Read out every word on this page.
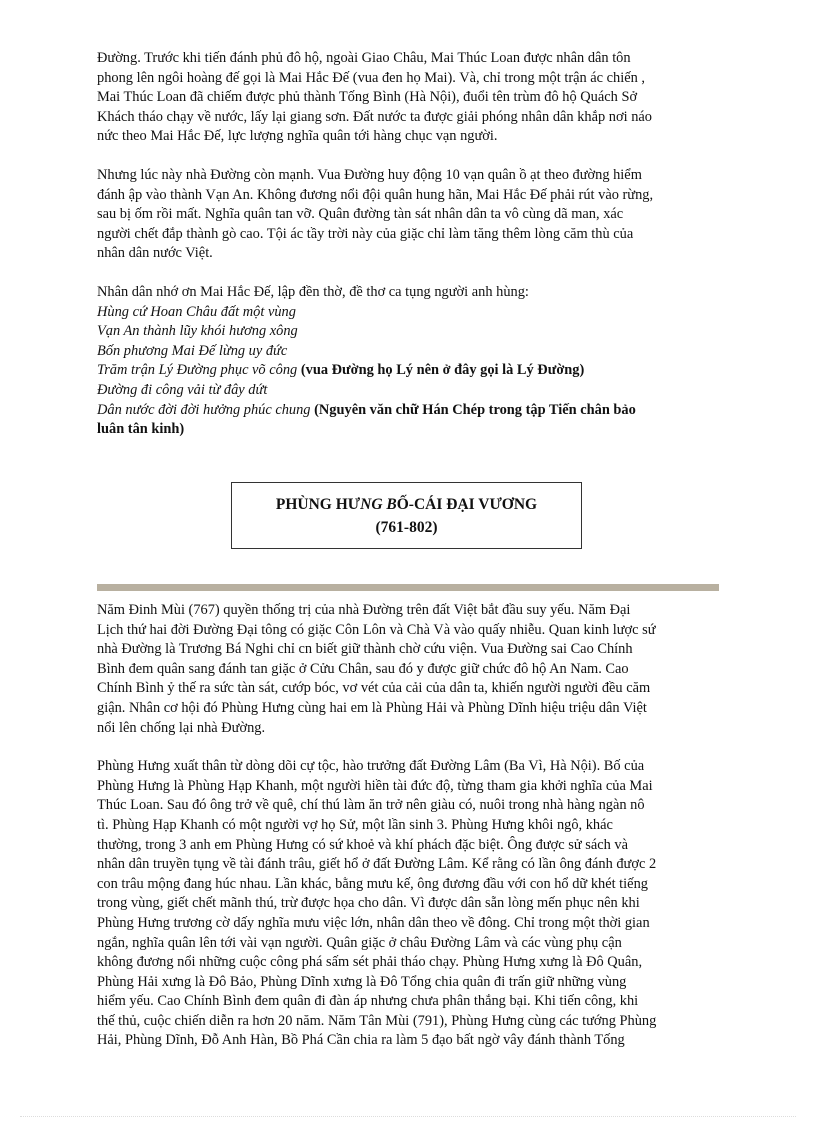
Đường. Trước khi tiến đánh phủ đô hộ, ngoài Giao Châu, Mai Thúc Loan được nhân dân tôn
phong lên ngôi hoàng đế gọi là Mai Hắc Đế (vua đen họ Mai). Và, chỉ trong một trận ác chiến ,
Mai Thúc Loan đã chiếm được phủ thành Tống Bình (Hà Nội), đuổi tên trùm đô hộ Quách Sở
Khách tháo chạy về nước, lấy lại giang sơn. Đất nước ta được giải phóng nhân dân khắp nơi náo
nức theo Mai Hắc Đế, lực lượng nghĩa quân tới hàng chục vạn người.

Nhưng lúc này nhà Đường còn mạnh. Vua Đường huy động 10 vạn quân ồ ạt theo đường hiểm
đánh ập vào thành Vạn An. Không đương nổi đội quân hung hãn, Mai Hắc Đế phải rút vào rừng,
sau bị ốm rồi mất. Nghĩa quân tan vỡ. Quân đường tàn sát nhân dân ta vô cùng dã man, xác
người chết đắp thành gò cao. Tội ác tầy trời này của giặc chỉ làm tăng thêm lòng căm thù của
nhân dân nước Việt.

Nhân dân nhớ ơn Mai Hắc Đế, lập đền thờ, đề thơ ca tụng người anh hùng:

Hùng cứ Hoan Châu đất một vùng

Vạn An thành lũy khói hương xông

Bốn phương Mai Đế lừng uy đức

Trăm trận Lý Đường phục võ công (vua Đường họ Lý nên ở đây gọi là Lý Đường)

Đường đi công vải từ đây dứt

Dân nước đời đời hưởng phúc chung (Nguyên văn chữ Hán Chép trong tập Tiến chân bảo
luân tân kinh)

PHÙNG HƯNG BỐ-CÁI ĐẠI VƯƠNG
(761-802)

Năm Đinh Mùi (767) quyền thống trị của nhà Đường trên đất Việt bắt đầu suy yếu. Năm Đại
Lịch thứ hai đời Đường Đại tông có giặc Côn Lôn và Chà Và vào quấy nhiễu. Quan kinh lược sứ
nhà Đường là Trương Bá Nghi chỉ cn biết giữ thành chờ cứu viện. Vua Đường sai Cao Chính
Bình đem quân sang đánh tan giặc ở Cửu Chân, sau đó y được giữ chức đô hộ An Nam. Cao
Chính Bình ỷ thế ra sức tàn sát, cướp bóc, vơ vét của cải của dân ta, khiến người người đều căm
giận. Nhân cơ hội đó Phùng Hưng cùng hai em là Phùng Hải và Phùng Dĩnh hiệu triệu dân Việt
nổi lên chống lại nhà Đường.

Phùng Hưng xuất thân từ dòng dõi cự tộc, hào trưởng đất Đường Lâm (Ba Vì, Hà Nội). Bố của
Phùng Hưng là Phùng Hạp Khanh, một người hiền tài đức độ, từng tham gia khởi nghĩa của Mai
Thúc Loan. Sau đó ông trở về quê, chí thú làm ăn trở nên giàu có, nuôi trong nhà hàng ngàn nô
tì. Phùng Hạp Khanh có một người vợ họ Sử, một lần sinh 3. Phùng Hưng khôi ngô, khác
thường, trong 3 anh em Phùng Hưng có sứ khoẻ và khí phách đặc biệt. Ông được sử sách và
nhân dân truyền tụng về tài đánh trâu, giết hổ ở đất Đường Lâm. Kể rằng có lần ông đánh được 2
con trâu mộng đang húc nhau. Lần khác, bằng mưu kế, ông đương đầu với con hổ dữ khét tiếng
trong vùng, giết chết mãnh thú, trừ được họa cho dân. Vì được dân sẵn lòng mến phục nên khi
Phùng Hưng trương cờ dấy nghĩa mưu việc lớn, nhân dân theo về đông. Chỉ trong một thời gian
ngắn, nghĩa quân lên tới vài vạn người. Quân giặc ở châu Đường Lâm và các vùng phụ cận
không đương nổi những cuộc công phá sấm sét phải tháo chạy. Phùng Hưng xưng là Đô Quân,
Phùng Hải xưng là Đô Bảo, Phùng Dĩnh xưng là Đô Tổng chia quân đi trấn giữ những vùng
hiểm yếu. Cao Chính Bình đem quân đi đàn áp nhưng chưa phân thắng bại. Khi tiến công, khi
thế thủ, cuộc chiến diễn ra hơn 20 năm. Năm Tân Mùi (791), Phùng Hưng cùng các tướng Phùng
Hải, Phùng Dĩnh, Đỗ Anh Hàn, Bồ Phá Cần chia ra làm 5 đạo bất ngờ vây đánh thành Tống
